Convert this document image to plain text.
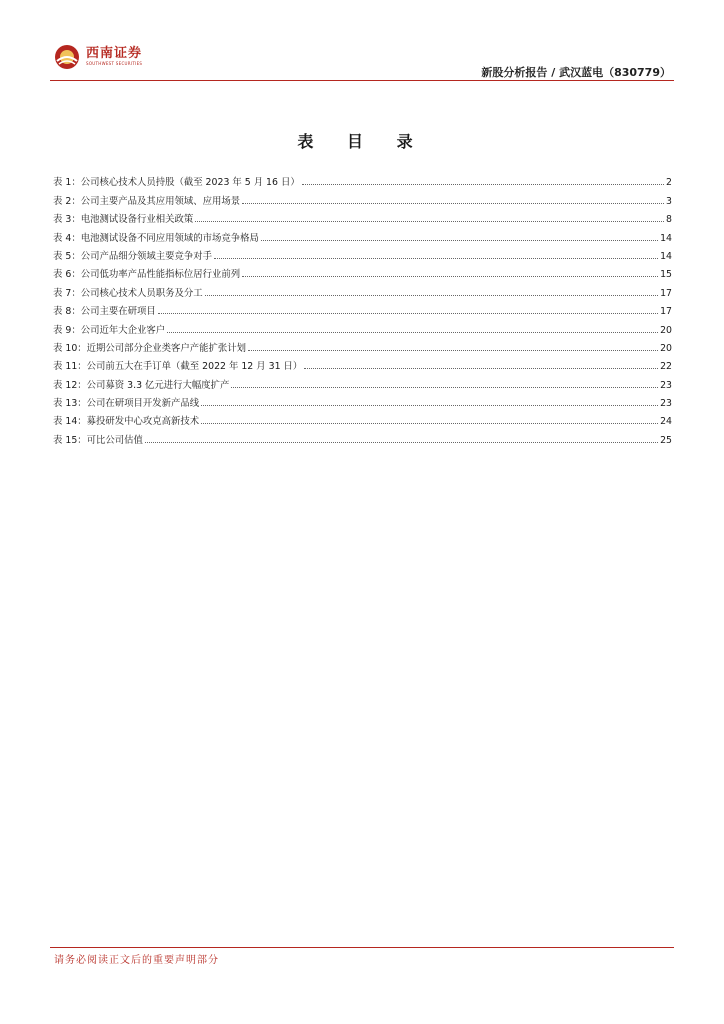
西南证券
SOUTHWEST SECURITIES
新股分析报告 / 武汉蓝电（830779）
表 目 录
表 1：公司核心技术人员持股（截至 2023 年 5 月 16 日）	2
表 2：公司主要产品及其应用领域、应用场景	3
表 3：电池测试设备行业相关政策	8
表 4：电池测试设备不同应用领域的市场竞争格局	14
表 5：公司产品细分领域主要竞争对手	14
表 6：公司低功率产品性能指标位居行业前列	15
表 7：公司核心技术人员职务及分工	17
表 8：公司主要在研项目	17
表 9：公司近年大企业客户	20
表 10：近期公司部分企业类客户产能扩张计划	20
表 11：公司前五大在手订单（截至 2022 年 12 月 31 日）	22
表 12：公司募资 3.3 亿元进行大幅度扩产	23
表 13：公司在研项目开发新产品线	23
表 14：募投研发中心攻克高新技术	24
表 15：可比公司估值	25
请务必阅读正文后的重要声明部分
